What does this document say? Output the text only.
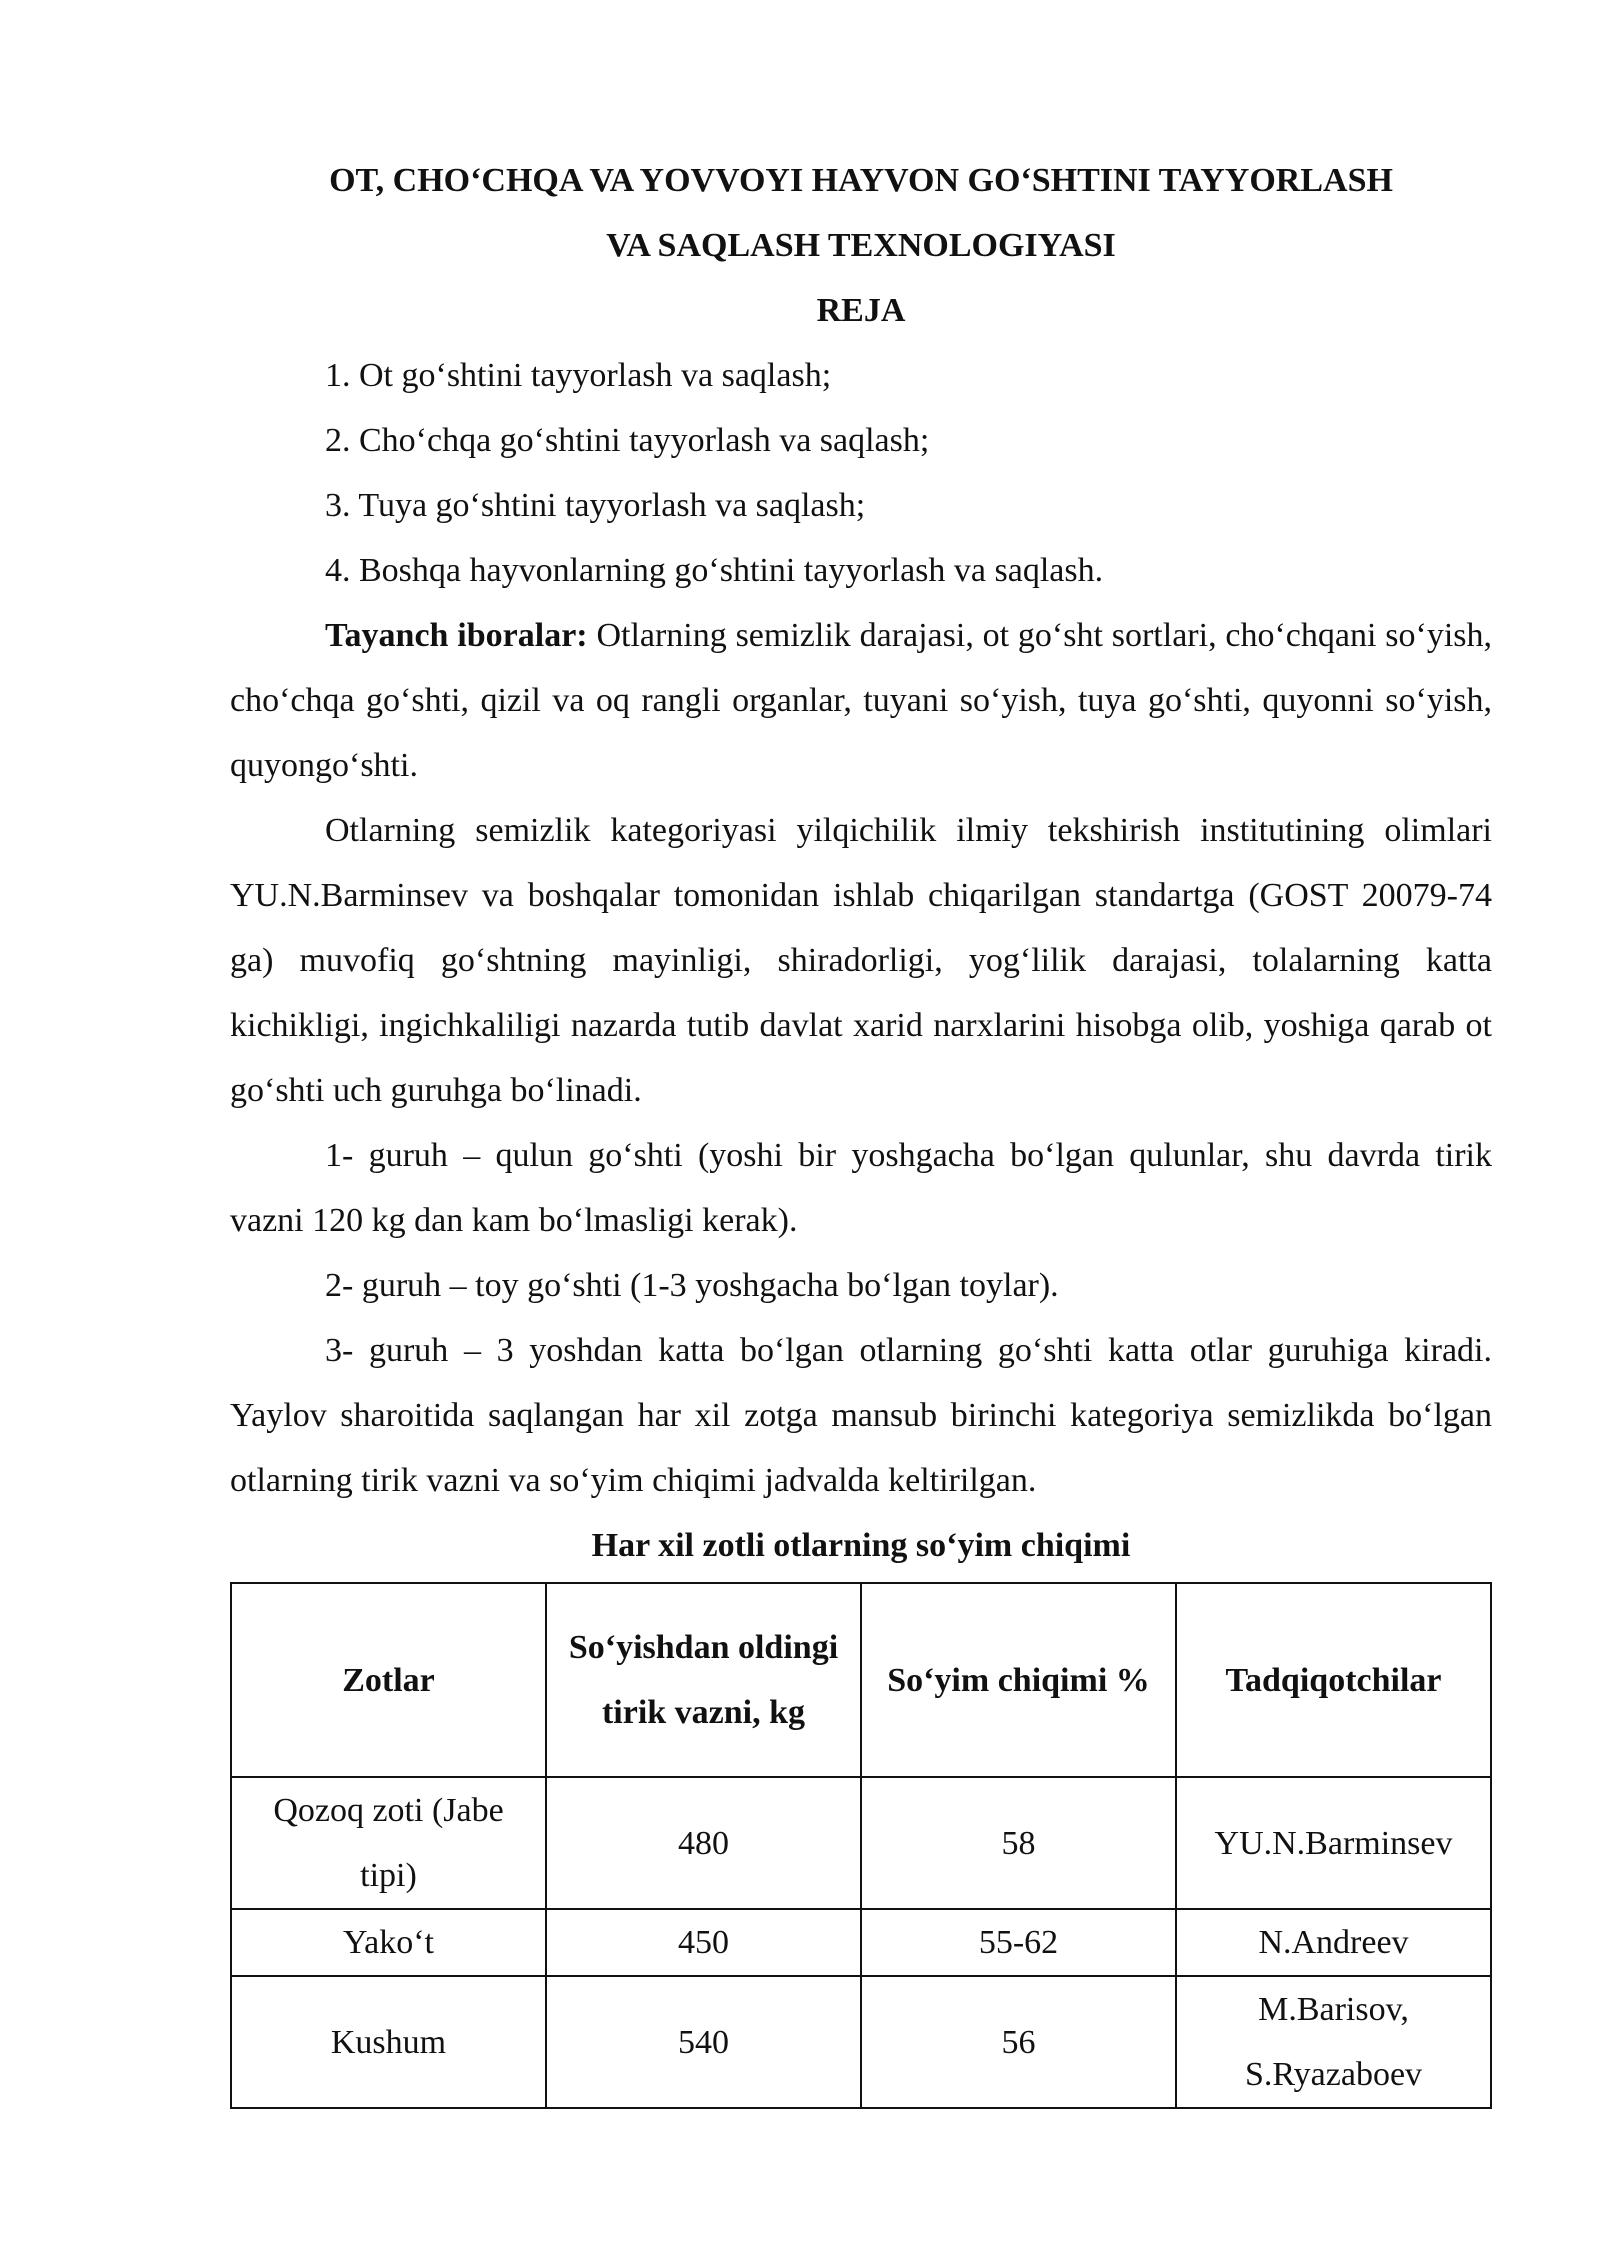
OT, CHO‘CHQA VA YOVVOYI HAYVON GO‘SHTINI TAYYORLASH

VA SAQLASH TEXNOLOGIYASI

REJA

1. Ot go‘shtini tayyorlash va saqlash;
2. Cho‘chqa go‘shtini tayyorlash va saqlash;
3. Tuya go‘shtini tayyorlash va saqlash;
4. Boshqa hayvonlarning go‘shtini tayyorlash va saqlash.

Tayanch iboralar: Otlarning semizlik darajasi, ot go‘sht sortlari, cho‘chqani so‘yish, cho‘chqa go‘shti, qizil va oq rangli organlar, tuyani so‘yish, tuya go‘shti, quyonni so‘yish, quyongo‘shti.

Otlarning semizlik kategoriyasi yilqichilik ilmiy tekshirish institutining olimlari YU.N.Barminsev va boshqalar tomonidan ishlab chiqarilgan standartga (GOST 20079-74 ga) muvofiq go‘shtning mayinligi, shiradorligi, yog‘lilik darajasi, tolalarning katta kichikligi, ingichkaliligi nazarda tutib davlat xarid narxlarini hisobga olib, yoshiga qarab ot go‘shti uch guruhga bo‘linadi.

1- guruh – qulun go‘shti (yoshi bir yoshgacha bo‘lgan qulunlar, shu davrda tirik vazni 120 kg dan kam bo‘lmasligi kerak).

2- guruh – toy go‘shti (1-3 yoshgacha bo‘lgan toylar).

3- guruh – 3 yoshdan katta bo‘lgan otlarning go‘shti katta otlar guruhiga kiradi. Yaylov sharoitida saqlangan har xil zotga mansub birinchi kategoriya semizlikda bo‘lgan otlarning tirik vazni va so‘yim chiqimi jadvalda keltirilgan.

Har xil zotli otlarning so‘yim chiqimi

Zotlar	So‘yishdan oldingi tirik vazni, kg	So‘yim chiqimi %	Tadqiqotchilar
Qozoq zoti (Jabe tipi)	480	58	YU.N.Barminsev
Yako‘t	450	55-62	N.Andreev
Kushum	540	56	M.Barisov, S.Ryazaboev
